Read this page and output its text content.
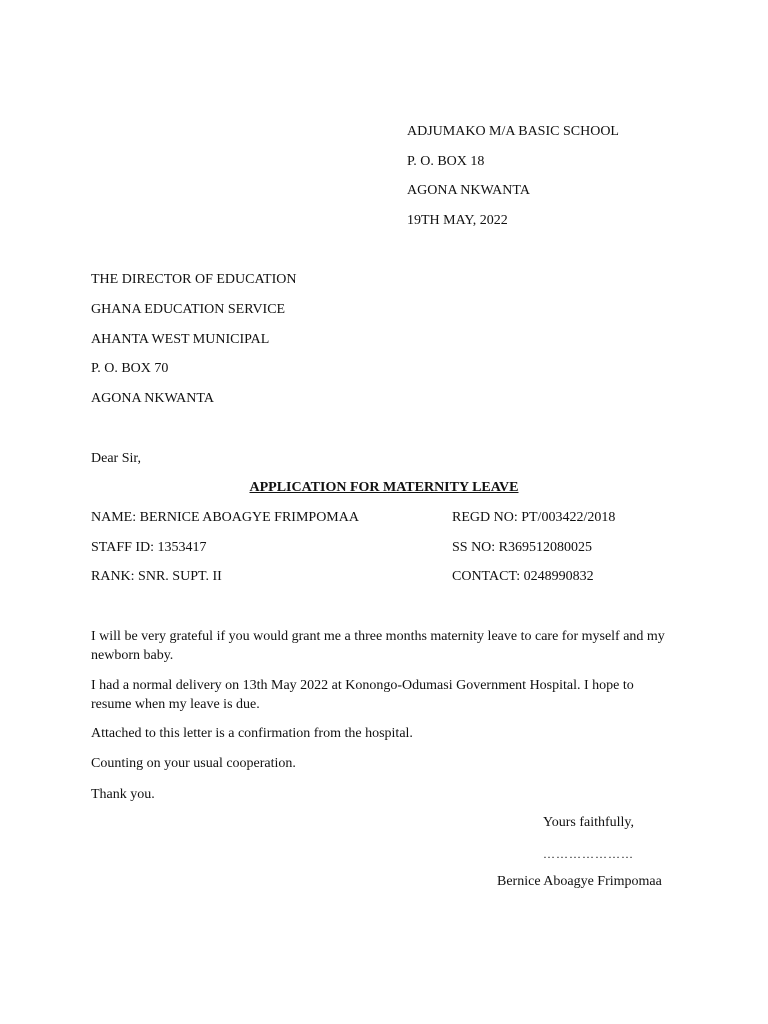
ADJUMAKO M/A BASIC SCHOOL
P. O. BOX 18
AGONA NKWANTA
19TH MAY, 2022
THE DIRECTOR OF EDUCATION
GHANA EDUCATION SERVICE
AHANTA WEST MUNICIPAL
P. O. BOX 70
AGONA NKWANTA
Dear Sir,
APPLICATION FOR MATERNITY LEAVE
NAME: BERNICE ABOAGYE FRIMPOMAA	REGD NO: PT/003422/2018
STAFF ID: 1353417	SS NO: R369512080025
RANK: SNR. SUPT. II	CONTACT: 0248990832
I will be very grateful if you would grant me a three months maternity leave to care for myself and my newborn baby.
I had a normal delivery on 13th May 2022 at Konongo-Odumasi Government Hospital. I hope to resume when my leave is due.
Attached to this letter is a confirmation from the hospital.
Counting on your usual cooperation.
Thank you.
Yours faithfully,
…………………
Bernice Aboagye Frimpomaa
